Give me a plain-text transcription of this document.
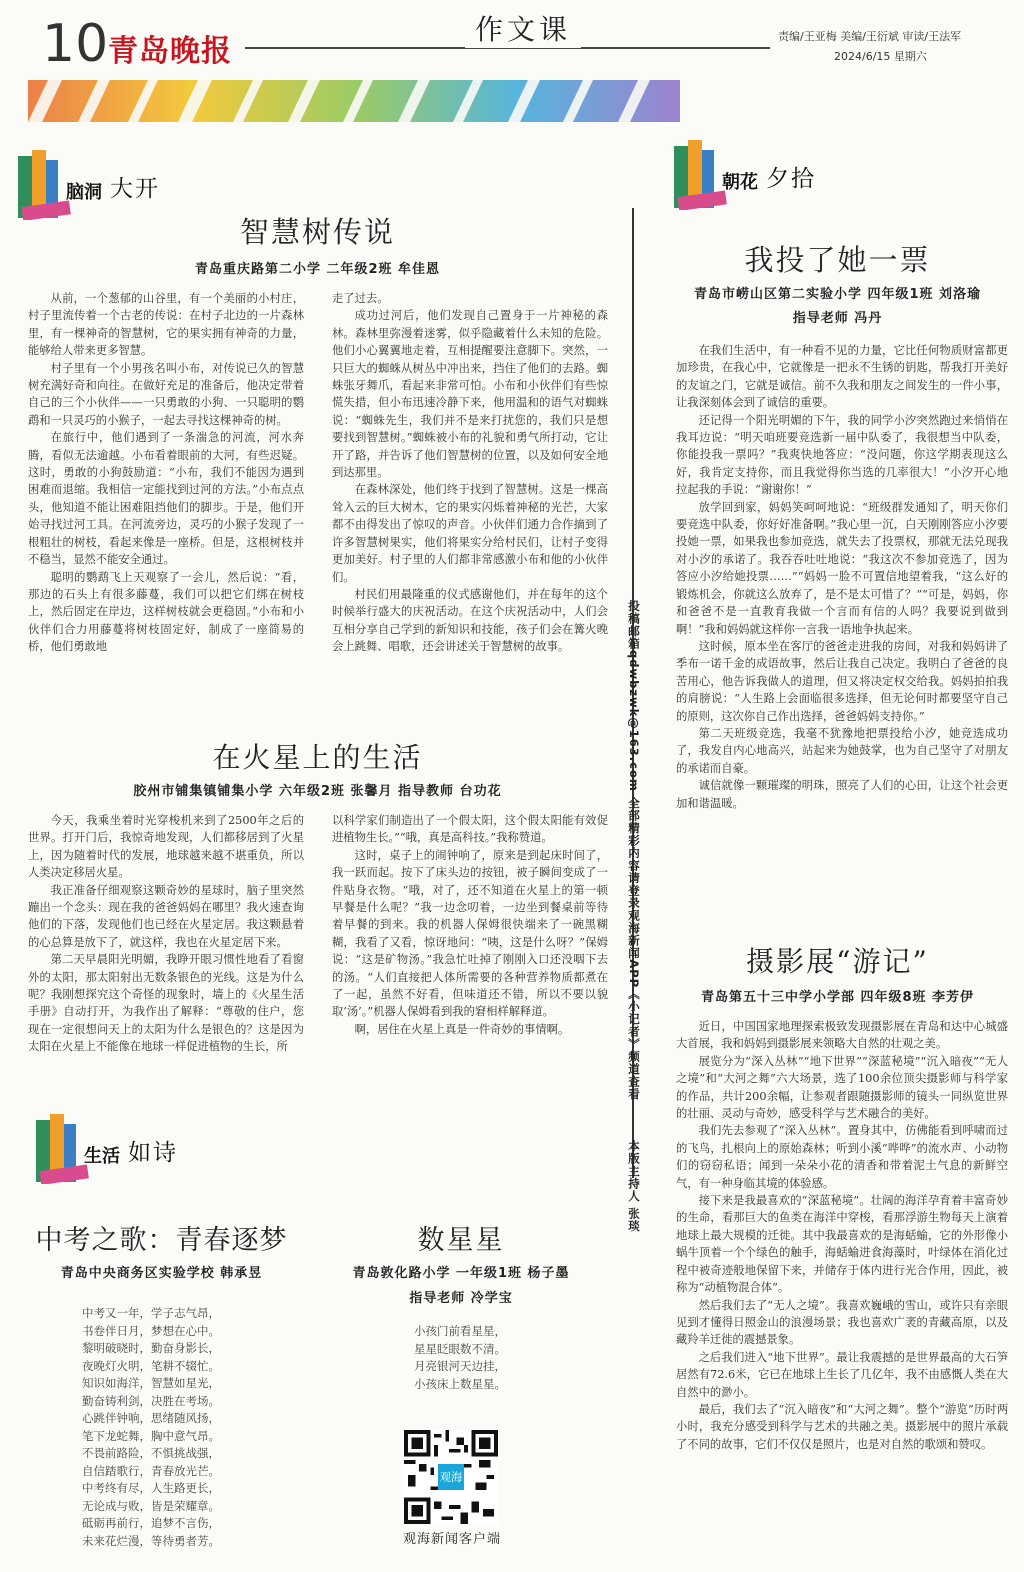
10 青岛晚报
作文课	责编/王亚梅 美编/王衍斌 审读/王法军
2024/6/15 星期六
脑洞 大开
智慧树传说
青岛重庆路第二小学 二年级2班 牟佳恩

从前，一个葱郁的山谷里，有一个美丽的小村庄，村子里流传着一个古老的传说：在村子北边的一片森林里，有一棵神奇的智慧树，它的果实拥有神奇的力量，能够给人带来更多智慧。

村子里有一个小男孩名叫小布，对传说已久的智慧树充满好奇和向往。在做好充足的准备后，他决定带着自己的三个小伙伴——一只勇敢的小狗、一只聪明的鹦鹉和一只灵巧的小猴子，一起去寻找这棵神奇的树。

在旅行中，他们遇到了一条湍急的河流，河水奔腾，看似无法逾越。小布看着眼前的大河，有些迟疑。这时，勇敢的小狗鼓励道：“小布，我们不能因为遇到困难而退缩。我相信一定能找到过河的方法。”小布点点头，他知道不能让困难阻挡他们的脚步。于是，他们开始寻找过河工具。在河流旁边，灵巧的小猴子发现了一根粗壮的树枝，看起来像是一座桥。但是，这根树枝并不稳当，显然不能安全通过。

聪明的鹦鹉飞上天观察了一会儿，然后说：“看，那边的石头上有很多藤蔓，我们可以把它们绑在树枝上，然后固定在岸边，这样树枝就会更稳固。”小布和小伙伴们合力用藤蔓将树枝固定好，制成了一座简易的桥，他们勇敢地

走了过去。

成功过河后，他们发现自己置身于一片神秘的森林。森林里弥漫着迷雾，似乎隐藏着什么未知的危险。他们小心翼翼地走着，互相提醒要注意脚下。突然，一只巨大的蜘蛛从树丛中冲出来，挡住了他们的去路。蜘蛛张牙舞爪，看起来非常可怕。小布和小伙伴们有些惊慌失措，但小布迅速冷静下来，他用温和的语气对蜘蛛说：“蜘蛛先生，我们并不是来打扰您的，我们只是想要找到智慧树。”蜘蛛被小布的礼貌和勇气所打动，它让开了路，并告诉了他们智慧树的位置，以及如何安全地到达那里。

在森林深处，他们终于找到了智慧树。这是一棵高耸入云的巨大树木，它的果实闪烁着神秘的光芒，大家都不由得发出了惊叹的声音。小伙伴们通力合作摘到了许多智慧树果实，他们将果实分给村民们，让村子变得更加美好。村子里的人们都非常感激小布和他的小伙伴们。

村民们用最隆重的仪式感谢他们，并在每年的这个时候举行盛大的庆祝活动。在这个庆祝活动中，人们会互相分享自己学到的新知识和技能，孩子们会在篝火晚会上跳舞、唱歌，还会讲述关于智慧树的故事。

在火星上的生活
胶州市铺集镇铺集小学 六年级2班 张馨月 指导教师 台功花

今天，我乘坐着时光穿梭机来到了2500年之后的世界。打开门后，我惊奇地发现，人们都移居到了火星上，因为随着时代的发展，地球越来越不堪重负，所以人类决定移居火星。

我正准备仔细观察这颗奇妙的星球时，脑子里突然蹦出一个念头：现在我的爸爸妈妈在哪里？我火速查询他们的下落，发现他们也已经在火星定居。我这颗悬着的心总算是放下了，就这样，我也在火星定居下来。

第二天早晨阳光明媚，我睁开眼习惯性地看了看窗外的太阳，那太阳射出无数条银色的光线。这是为什么呢？我刚想探究这个奇怪的现象时，墙上的《火星生活手册》自动打开，为我作出了解释：“尊敬的住户，您现在一定很想问天上的太阳为什么是银色的？这是因为太阳在火星上不能像在地球一样促进植物的生长，所

以科学家们制造出了一个假太阳，这个假太阳能有效促进植物生长。”“哦，真是高科技。”我称赞道。

这时，桌子上的闹钟响了，原来是到起床时间了，我一跃而起。按下了床头边的按钮，被子瞬间变成了一件贴身衣物。“哦，对了，还不知道在火星上的第一顿早餐是什么呢？”我一边念叨着，一边坐到餐桌前等待着早餐的到来。我的机器人保姆很快端来了一碗黑糊糊，我看了又看，惊讶地问：“咦，这是什么呀？”保姆说：“这是矿物汤。”我急忙吐掉了刚刚入口还没咽下去的汤。“人们直接把人体所需要的各种营养物质都煮在了一起，虽然不好看，但味道还不错，所以不要以貌取‘汤’。”机器人保姆看到我的窘相样解释道。

啊，居住在火星上真是一件奇妙的事情啊。

生活 如诗
中考之歌：青春逐梦
青岛中央商务区实验学校 韩承昱
中考又一年，学子志气昂，
书卷伴日月，梦想在心中。
黎明破晓时，勤奋身影长，
夜晚灯火明，笔耕不辍忙。
知识如海洋，智慧如星光，
勤奋铸利剑，决胜在考场。
心跳伴钟响，思绪随风扬，
笔下龙蛇舞，胸中意气昂。
不畏前路险，不惧挑战强，
自信踏歌行，青春放光芒。
中考终有尽，人生路更长，
无论成与败，皆是荣耀章。
砥砺再前行，追梦不言伤，
未来花烂漫，等待勇者芳。
数星星
青岛敦化路小学 一年级1班 杨子墨
指导老师 冷学宝
小孩门前看星星，
星星眨眼数不清。
月亮银河天边挂，
小孩床上数星星。
观海
观海新闻客户端
投稿邮箱qdwbzwk@163.com 全部精彩内容请登录观海新闻APP《小记者》频道查看
本版主持人 张琰
朝花 夕拾
我投了她一票
青岛市崂山区第二实验小学 四年级1班 刘洛瑜
指导老师 冯丹

在我们生活中，有一种看不见的力量，它比任何物质财富都更加珍贵，在我心中，它就像是一把永不生锈的钥匙，帮我打开美好的友谊之门，它就是诚信。前不久我和朋友之间发生的一件小事，让我深刻体会到了诚信的重要。

还记得一个阳光明媚的下午，我的同学小汐突然跑过来悄悄在我耳边说：“明天咱班要竞选新一届中队委了，我很想当中队委，你能投我一票吗？”我爽快地答应：“没问题，你这学期表现这么好，我肯定支持你，而且我觉得你当选的几率很大！”小汐开心地拉起我的手说：“谢谢你！”

放学回到家，妈妈笑呵呵地说：“班级群发通知了，明天你们要竞选中队委，你好好准备啊。”我心里一沉，白天刚刚答应小汐要投她一票，如果我也参加竞选，就失去了投票权，那就无法兑现我对小汐的承诺了。我吞吞吐吐地说：“我这次不参加竞选了，因为答应小汐给她投票……”“妈妈一脸不可置信地望着我，“这么好的锻炼机会，你就这么放弃了，是不是太可惜了？”“可是，妈妈，你和爸爸不是一直教育我做一个言而有信的人吗？我要说到做到啊！”我和妈妈就这样你一言我一语地争执起来。

这时候，原本坐在客厅的爸爸走进我的房间，对我和妈妈讲了季布一诺千金的成语故事，然后让我自己决定。我明白了爸爸的良苦用心，他告诉我做人的道理，但又将决定权交给我。妈妈拍拍我的肩膀说：“人生路上会面临很多选择，但无论何时都要坚守自己的原则，这次你自己作出选择，爸爸妈妈支持你。”

第二天班级竞选，我毫不犹豫地把票投给小汐，她竞选成功了，我发自内心地高兴，站起来为她鼓掌，也为自己坚守了对朋友的承诺而自豪。

诚信就像一颗璀璨的明珠，照亮了人们的心田，让这个社会更加和谐温暖。

摄影展“游记”
青岛第五十三中学小学部 四年级8班 李芳伊

近日，中国国家地理探索极致发现摄影展在青岛和达中心城盛大首展，我和妈妈到摄影展来领略大自然的壮观之美。

展览分为“深入丛林”“地下世界”“深蓝秘境”“沉入暗夜”“无人之境”和“大河之舞”六大场景，选了100余位顶尖摄影师与科学家的作品，共计200余幅，让参观者跟随摄影师的镜头一同纵览世界的壮丽、灵动与奇妙，感受科学与艺术融合的美好。

我们先去参观了“深入丛林”。置身其中，仿佛能看到呼啸而过的飞鸟，扎根向上的原始森林；听到小溪“哗哗”的流水声、小动物们的窃窃私语；闻到一朵朵小花的清香和带着泥土气息的新鲜空气，有一种身临其境的体验感。

接下来是我最喜欢的“深蓝秘境”。壮阔的海洋孕育着丰富奇妙的生命，看那巨大的鱼类在海洋中穿梭，看那浮游生物每天上演着地球上最大规模的迁徙。其中我最喜欢的是海蛞蝓，它的外形像小蜗牛顶着一个个绿色的触手，海蛞蝓进食海藻时，叶绿体在消化过程中被奇迹般地保留下来，并储存于体内进行光合作用，因此，被称为“动植物混合体”。

然后我们去了“无人之境”。我喜欢巍峨的雪山，或许只有亲眼见到才懂得日照金山的浪漫场景；我也喜欢广袤的青藏高原，以及藏羚羊迁徙的震撼景象。

之后我们进入“地下世界”。最让我震撼的是世界最高的大石笋居然有72.6米，它已在地球上生长了几亿年，我不由感慨人类在大自然中的渺小。

最后，我们去了“沉入暗夜”和“大河之舞”。整个“游览”历时两小时，我充分感受到科学与艺术的共融之美。摄影展中的照片承载了不同的故事，它们不仅仅是照片，也是对自然的歌颂和赞叹。
